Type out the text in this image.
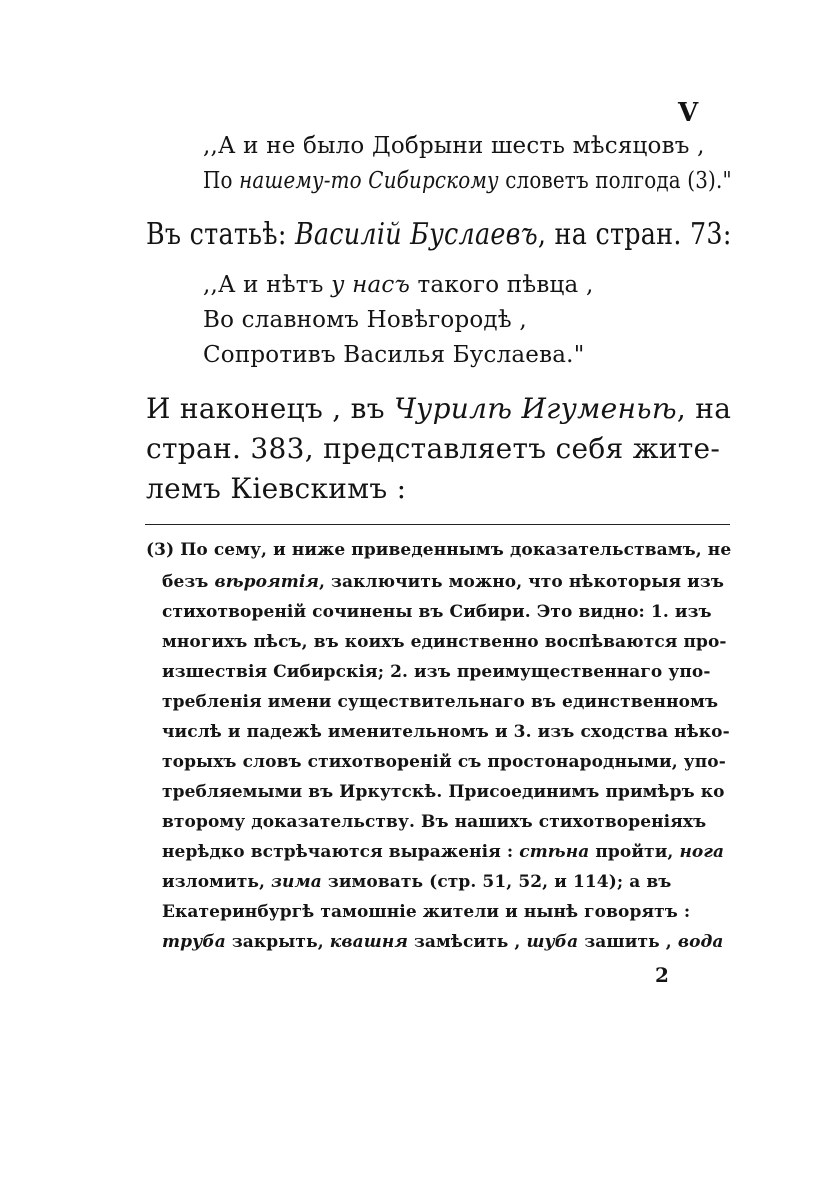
V
,,А и не было Добрыни шесть мѣсяцовъ ,
По нашему-то Сибирскому словетъ полгода (3)."
Въ статьѣ: Василій Буслаевъ, на стран. 73:
,,А и нѣтъ у насъ такого пѣвца ,
Во славномъ Новѣгородѣ ,
Сопротивъ Василья Буслаева."
И наконецъ , въ Чурилѣ Игуменьѣ, на
стран. 383, представляетъ себя жите-
лемъ Кіевскимъ :
(3) По сему, и ниже приведеннымъ доказательствамъ, не
безъ вѣроятія, заключить можно, что нѣкоторыя изъ
стихотвореній сочинены въ Сибири. Это видно: 1. изъ
многихъ пѣсъ, въ коихъ единственно воспѣваются про-
изшествія Сибирскія; 2. изъ преимущественнаго упо-
требленія имени существительнаго въ единственномъ
числѣ и падежѣ именительномъ и 3. изъ сходства нѣко-
торыхъ словъ стихотвореній съ простонародными, упо-
требляемыми въ Иркутскѣ. Присоединимъ примѣръ ко
второму доказательству. Въ нашихъ стихотвореніяхъ
нерѣдко встрѣчаются выраженія : стѣна пройти, нога
изломить, зима зимовать (стр. 51, 52, и 114); а въ
Екатеринбургѣ тамошніе жители и нынѣ говорятъ :
труба закрыть, квашня замѣсить , шуба зашить , вода
2
